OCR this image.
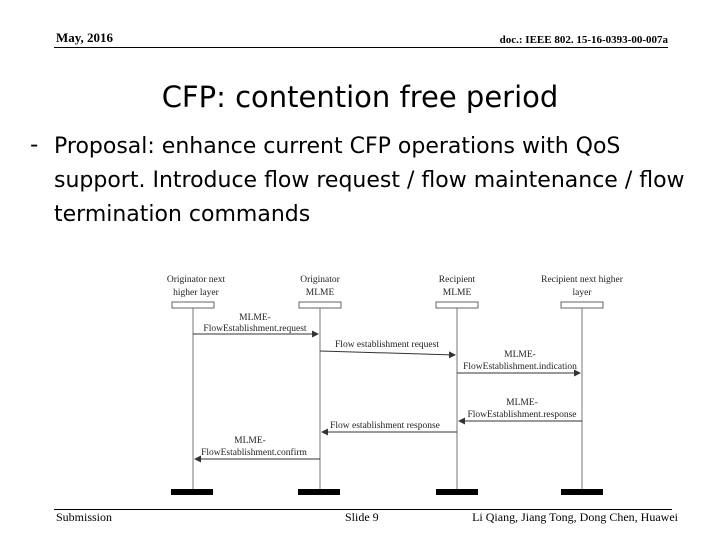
May, 2016	doc.: IEEE 802. 15-16-0393-00-007a
CFP: contention free period
- Proposal: enhance current CFP operations with QoS support. Introduce flow request / flow maintenance / flow termination commands
Originator next
higher layer
Originator
MLME
Recipient
MLME
Recipient next higher
layer
MLME-
FlowEstablishment.request
Flow establishment request
MLME-
FlowEstablishment.indication
MLME-
FlowEstablishment.response
Flow establishment response
MLME-
FlowEstablishment.confirm
Submission	Slide 9	Li Qiang, Jiang Tong, Dong Chen, Huawei
